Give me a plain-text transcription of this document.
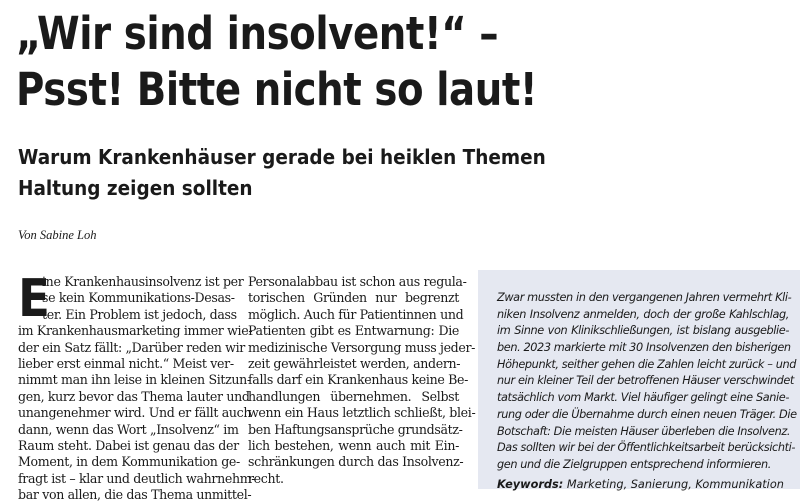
„Wir sind insolvent!“ –
Psst! Bitte nicht so laut!
Warum Krankenhäuser gerade bei heiklen Themen
Haltung zeigen sollten
Von Sabine Loh
E
ine Krankenhausinsolvenz ist per
se kein Kommunikations-Desas-
ter. Ein Problem ist jedoch, dass
im Krankenhausmarketing immer wie-
der ein Satz fällt: „Darüber reden wir
lieber erst einmal nicht.“ Meist ver-
nimmt man ihn leise in kleinen Sitzun-
gen, kurz bevor das Thema lauter und
unangenehmer wird. Und er fällt auch
dann, wenn das Wort „Insolvenz“ im
Raum steht. Dabei ist genau das der
Moment, in dem Kommunikation ge-
fragt ist – klar und deutlich wahrnehm-
bar von allen, die das Thema unmittel-
Personalabbau ist schon aus regula-
torischen Gründen nur begrenzt
möglich. Auch für Patientinnen und
Patienten gibt es Entwarnung: Die
medizinische Versorgung muss jeder-
zeit gewährleistet werden, andern-
falls darf ein Krankenhaus keine Be-
handlungen übernehmen. Selbst
wenn ein Haus letztlich schließt, blei-
ben Haftungsansprüche grundsätz-
lich bestehen, wenn auch mit Ein-
schränkungen durch das Insolvenz-
recht.
Zwar mussten in den vergangenen Jahren vermehrt Kli-
niken Insolvenz anmelden, doch der große Kahlschlag,
im Sinne von Klinikschließungen, ist bislang ausgeblie-
ben. 2023 markierte mit 30 Insolvenzen den bisherigen
Höhepunkt, seither gehen die Zahlen leicht zurück – und
nur ein kleiner Teil der betroffenen Häuser verschwindet
tatsächlich vom Markt. Viel häufiger gelingt eine Sanie-
rung oder die Übernahme durch einen neuen Träger. Die
Botschaft: Die meisten Häuser überleben die Insolvenz.
Das sollten wir bei der Öffentlichkeitsarbeit berücksichti-
gen und die Zielgruppen entsprechend informieren.
Keywords: Marketing, Sanierung, Kommunikation
